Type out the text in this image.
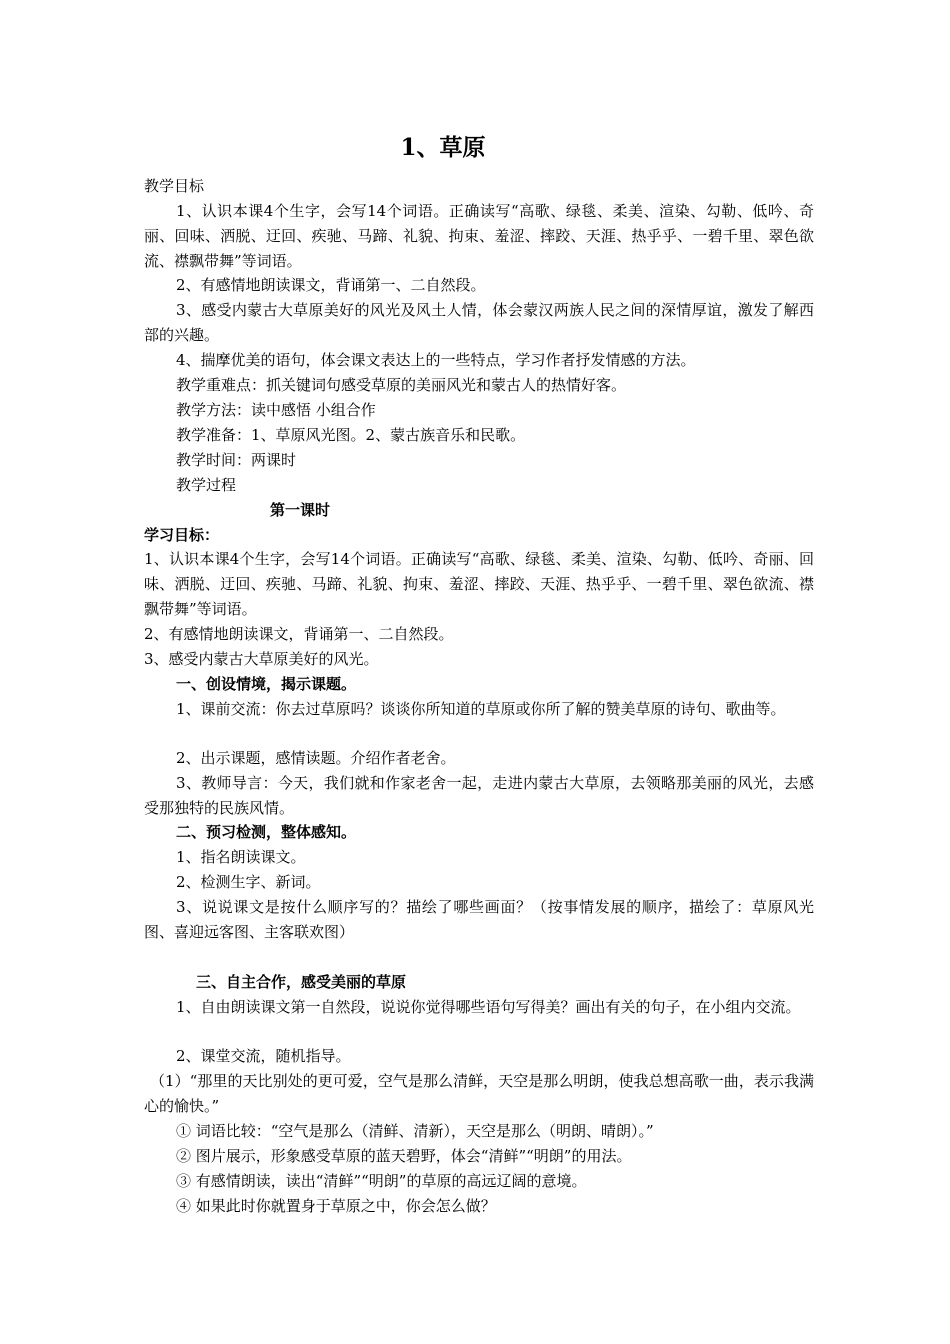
1、草原
教学目标
1、认识本课4个生字，会写14个词语。正确读写“高歌、绿毯、柔美、渲染、勾勒、低吟、奇丽、回味、洒脱、迂回、疾驰、马蹄、礼貌、拘束、羞涩、摔跤、天涯、热乎乎、一碧千里、翠色欲流、襟飘带舞”等词语。
2、有感情地朗读课文，背诵第一、二自然段。
3、感受内蒙古大草原美好的风光及风土人情，体会蒙汉两族人民之间的深情厚谊，激发了解西部的兴趣。
4、揣摩优美的语句，体会课文表达上的一些特点，学习作者抒发情感的方法。
教学重难点：抓关键词句感受草原的美丽风光和蒙古人的热情好客。
教学方法：读中感悟 小组合作
教学准备：1、草原风光图。2、蒙古族音乐和民歌。
教学时间：两课时
教学过程
第一课时
学习目标：
1、认识本课4个生字，会写14个词语。正确读写“高歌、绿毯、柔美、渲染、勾勒、低吟、奇丽、回味、洒脱、迂回、疾驰、马蹄、礼貌、拘束、羞涩、摔跤、天涯、热乎乎、一碧千里、翠色欲流、襟飘带舞”等词语。
2、有感情地朗读课文，背诵第一、二自然段。
3、感受内蒙古大草原美好的风光。
一、创设情境，揭示课题。
1、课前交流：你去过草原吗？谈谈你所知道的草原或你所了解的赞美草原的诗句、歌曲等。
2、出示课题，感情读题。介绍作者老舍。
3、教师导言：今天，我们就和作家老舍一起，走进内蒙古大草原，去领略那美丽的风光，去感受那独特的民族风情。
二、预习检测，整体感知。
1、指名朗读课文。
2、检测生字、新词。
3、说说课文是按什么顺序写的？描绘了哪些画面？（按事情发展的顺序，描绘了：草原风光图、喜迎远客图、主客联欢图）
三、自主合作，感受美丽的草原
1、自由朗读课文第一自然段，说说你觉得哪些语句写得美？画出有关的句子，在小组内交流。
2、课堂交流，随机指导。
（1）“那里的天比别处的更可爱，空气是那么清鲜，天空是那么明朗，使我总想高歌一曲，表示我满心的愉快。”
① 词语比较：“空气是那么（清鲜、清新），天空是那么（明朗、晴朗）。”
② 图片展示，形象感受草原的蓝天碧野，体会“清鲜”“明朗”的用法。
③ 有感情朗读，读出“清鲜”“明朗”的草原的高远辽阔的意境。
④ 如果此时你就置身于草原之中，你会怎么做？
